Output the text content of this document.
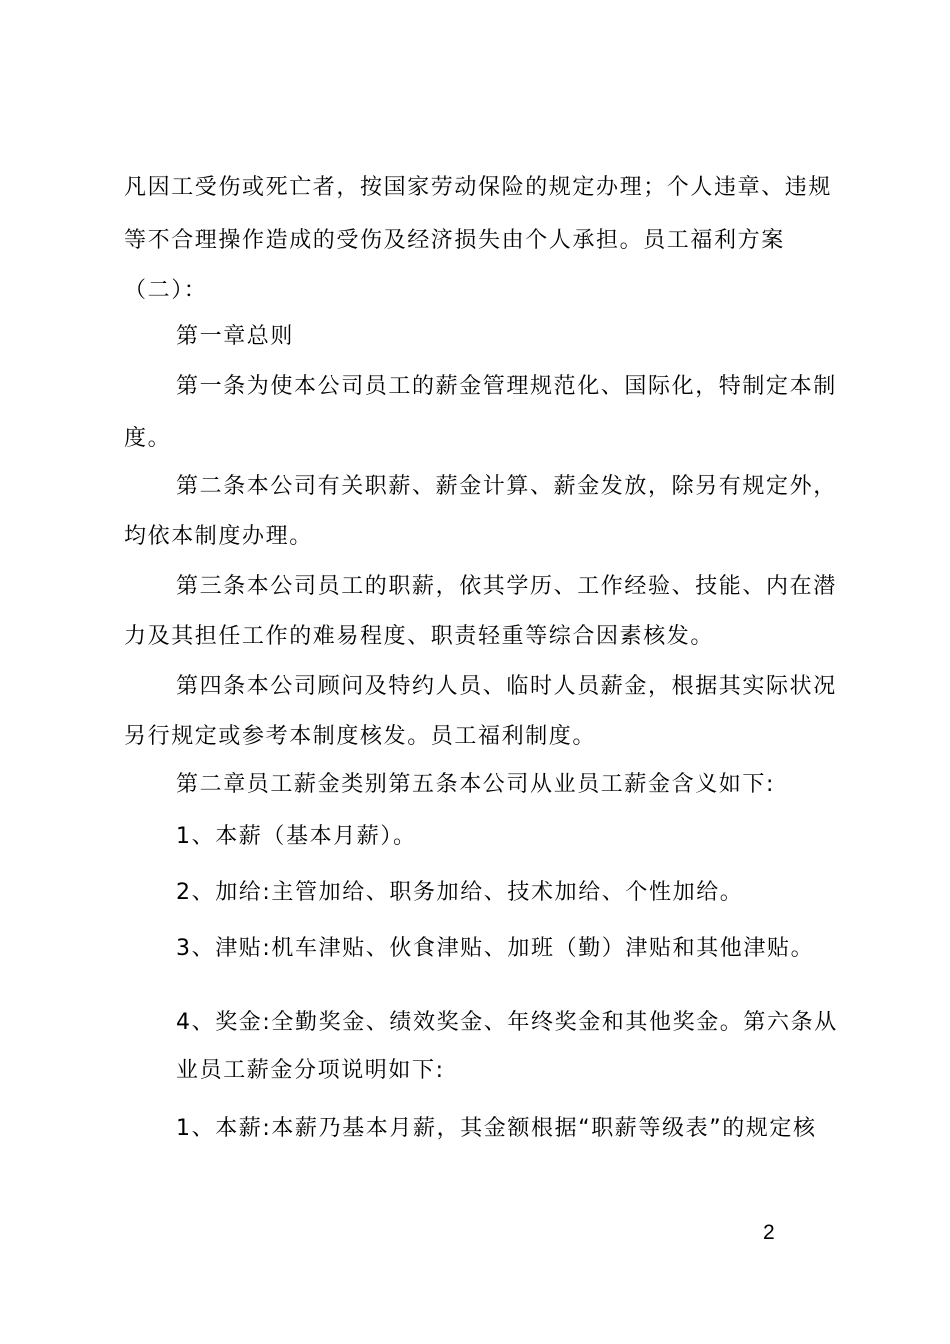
凡因工受伤或死亡者，按国家劳动保险的规定办理；个人违章、违规
等不合理操作造成的受伤及经济损失由个人承担。员工福利方案
（二）：
第一章总则
第一条为使本公司员工的薪金管理规范化、国际化，特制定本制
度。
第二条本公司有关职薪、薪金计算、薪金发放，除另有规定外，
均依本制度办理。
第三条本公司员工的职薪，依其学历、工作经验、技能、内在潜
力及其担任工作的难易程度、职责轻重等综合因素核发。
第四条本公司顾问及特约人员、临时人员薪金，根据其实际状况
另行规定或参考本制度核发。员工福利制度。
第二章员工薪金类别第五条本公司从业员工薪金含义如下:
1、本薪（基本月薪）。
2、加给:主管加给、职务加给、技术加给、个性加给。
3、津贴:机车津贴、伙食津贴、加班（勤）津贴和其他津贴。
4、奖金:全勤奖金、绩效奖金、年终奖金和其他奖金。第六条从
业员工薪金分项说明如下:
1、本薪:本薪乃基本月薪，其金额根据“职薪等级表”的规定核
2
